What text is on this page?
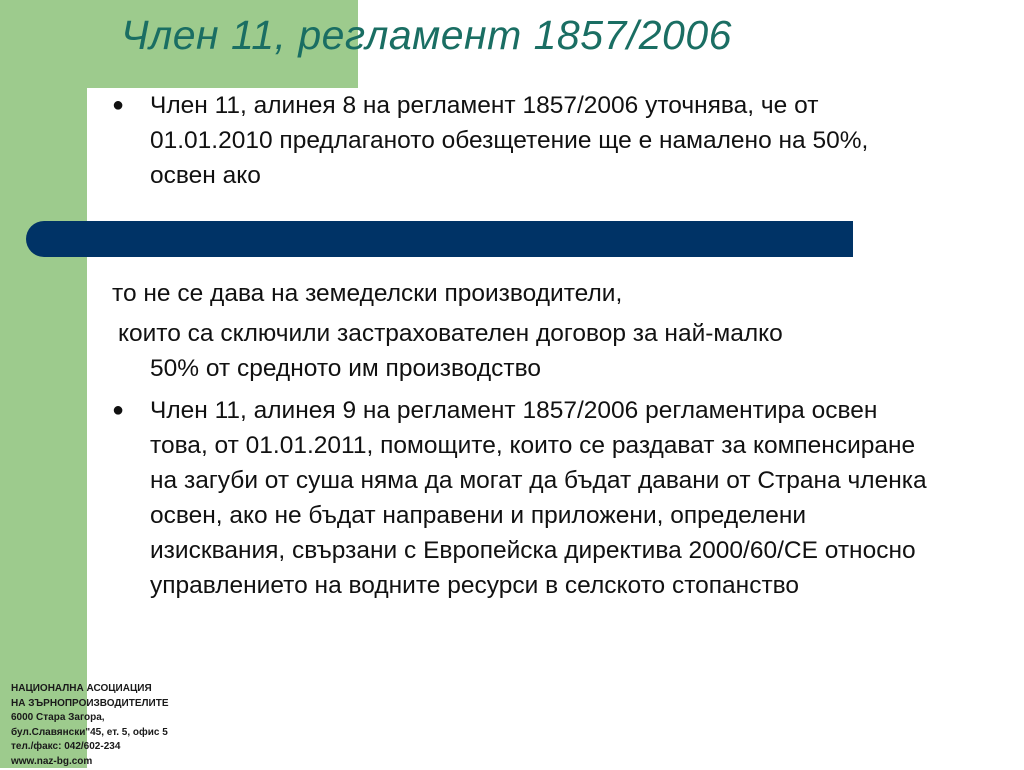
Член 11, регламент 1857/2006
● Член 11, алинея 8 на регламент 1857/2006 уточнява, че от 01.01.2010 предлаганото обезщетение ще е намалено на 50%, освен ако
то не се дава на земеделски производители,
които са сключили застрахователен договор за най-малко
50% от средното им производство
● Член 11, алинея 9 на регламент 1857/2006 регламентира освен това, от 01.01.2011, помощите, които се раздават за компенсиране на загуби от суша няма да могат да бъдат давани от Страна членка освен, ако не бъдат направени и приложени, определени изисквания, свързани с Европейска директива 2000/60/СЕ относно управлението на водните ресурси в селското стопанство
НАЦИОНАЛНА АСОЦИАЦИЯ
НА ЗЪРНОПРОИЗВОДИТЕЛИТЕ
6000 Стара Загора,
бул.Славянски"45, ет. 5, офис 5
тел./факс: 042/602-234
www.naz-bg.com
